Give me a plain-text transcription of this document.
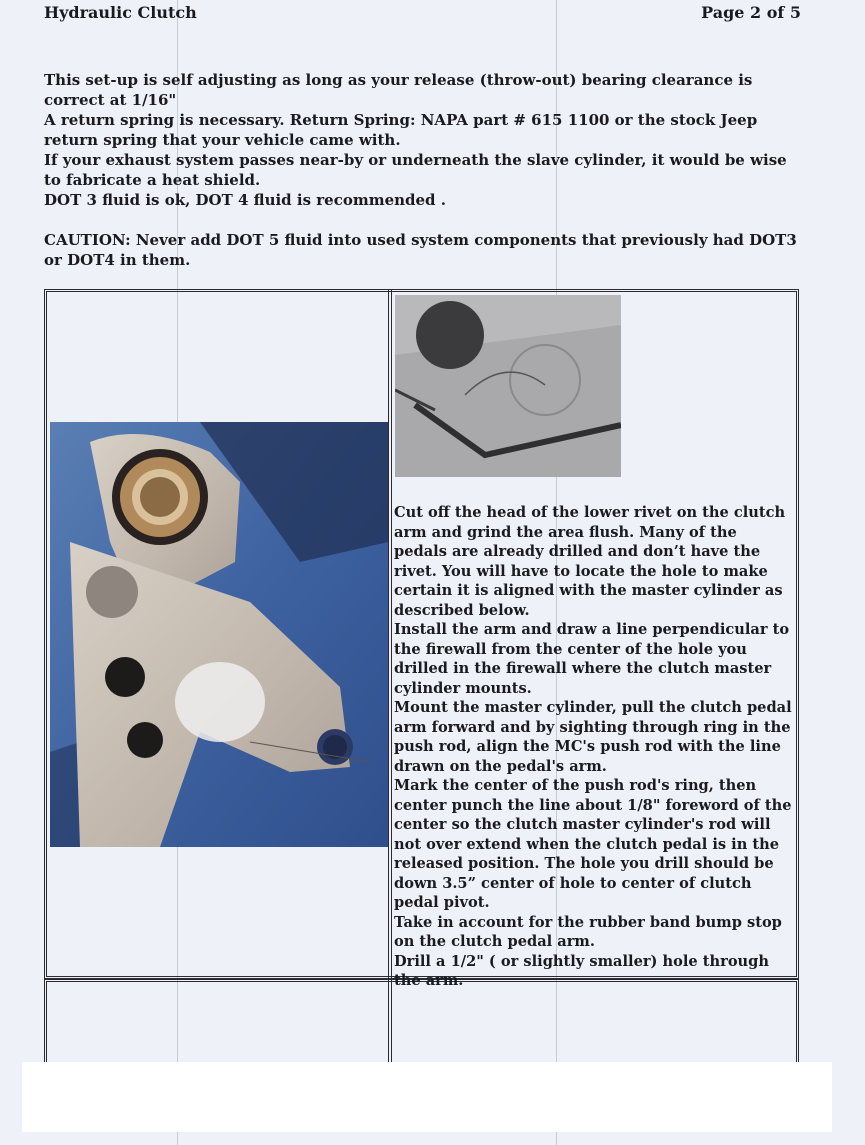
Hydraulic Clutch	Page 2 of 5

This set-up is self adjusting as long as your release (throw-out) bearing clearance is correct at 1/16"

A return spring is necessary. Return Spring: NAPA part # 615 1100 or the stock Jeep return spring that your vehicle came with.

If your exhaust system passes near-by or underneath the slave cylinder, it would be wise to fabricate a heat shield.

DOT 3 fluid is ok, DOT 4 fluid is recommended .

CAUTION: Never add DOT 5 fluid into used system components that previously had DOT3 or DOT4 in them.

Cut off the head of the lower rivet on the clutch arm and grind the area flush. Many of the pedals are already drilled and don’t have the rivet. You will have to locate the hole to make certain it is aligned with the master cylinder as described below.

Install the arm and draw a line perpendicular to the firewall from the center of the hole you drilled in the firewall where the clutch master cylinder mounts.

Mount the master cylinder, pull the clutch pedal arm forward and by sighting through ring in the push rod, align the MC's push rod with the line drawn on the pedal's arm.

Mark the center of the push rod's ring, then center punch the line about 1/8" foreword of the center so the clutch master cylinder's rod will not over extend when the clutch pedal is in the released position. The hole you drill should be down 3.5” center of hole to center of clutch pedal pivot.

Take in account for the rubber band bump stop on the clutch pedal arm.

Drill a 1/2" ( or slightly smaller) hole through the arm.
